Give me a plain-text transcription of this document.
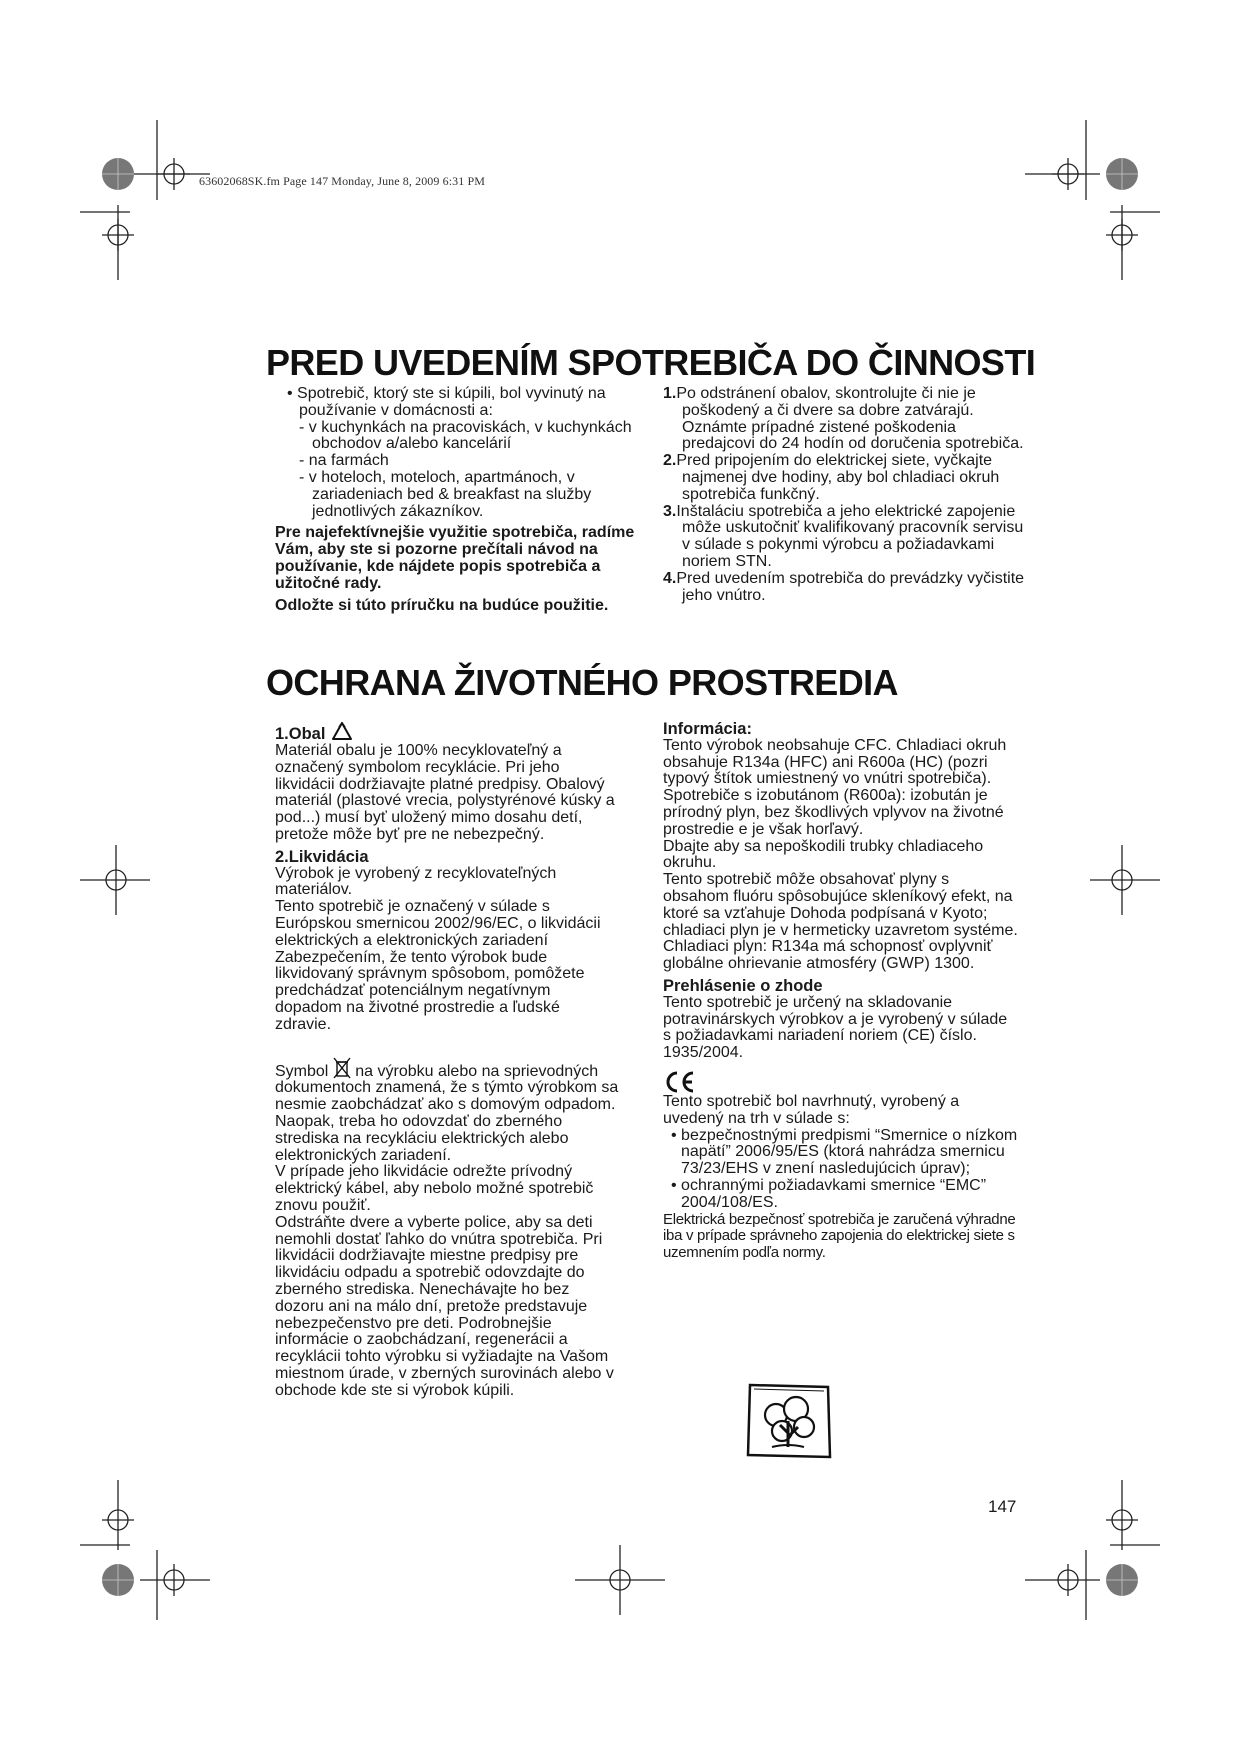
63602068SK.fm Page 147 Monday, June 8, 2009 6:31 PM
PRED UVEDENÍM SPOTREBIČA DO ČINNOSTI

• Spotrebič, ktorý ste si kúpili, bol vyvinutý na používanie v domácnosti a:

- v kuchynkách na pracoviskách, v kuchynkách obchodov a/alebo kancelárií

- na farmách

- v hoteloch, moteloch, apartmánoch, v zariadeniach bed & breakfast na služby jednotlivých zákazníkov.

Pre najefektívnejšie využitie spotrebiča, radíme Vám, aby ste si pozorne prečítali návod na používanie, kde nájdete popis spotrebiča a užitočné rady.

Odložte si túto príručku na budúce použitie.

1.Po odstránení obalov, skontrolujte či nie je poškodený a či dvere sa dobre zatvárajú. Oznámte prípadné zistené poškodenia predajcovi do 24 hodín od doručenia spotrebiča.

2.Pred pripojením do elektrickej siete, vyčkajte najmenej dve hodiny, aby bol chladiaci okruh spotrebiča funkčný.

3.Inštaláciu spotrebiča a jeho elektrické zapojenie môže uskutočniť kvalifikovaný pracovník servisu v súlade s pokynmi výrobcu a požiadavkami noriem STN.

4.Pred uvedením spotrebiča do prevádzky vyčistite jeho vnútro.

OCHRANA ŽIVOTNÉHO PROSTREDIA

1.Obal

Materiál obalu je 100% necyklovateľný a označený symbolom recyklácie. Pri jeho likvidácii dodržiavajte platné predpisy. Obalový materiál (plastové vrecia, polystyrénové kúsky a pod...) musí byť uložený mimo dosahu detí, pretože môže byť pre ne nebezpečný.

2.Likvidácia

Výrobok je vyrobený z recyklovateľných materiálov.

Tento spotrebič je označený v súlade s Európskou smernicou 2002/96/EC, o likvidácii elektrických a elektronických zariadení Zabezpečením, že tento výrobok bude likvidovaný správnym spôsobom, pomôžete predchádzať potenciálnym negatívnym dopadom na životné prostredie a ľudské zdravie.

Symbol na výrobku alebo na sprievodných dokumentoch znamená, že s týmto výrobkom sa nesmie zaobchádzať ako s domovým odpadom.

Naopak, treba ho odovzdať do zberného strediska na recykláciu elektrických alebo elektronických zariadení.

V prípade jeho likvidácie odrežte prívodný elektrický kábel, aby nebolo možné spotrebič znovu použiť.

Odstráňte dvere a vyberte police, aby sa deti nemohli dostať ľahko do vnútra spotrebiča. Pri likvidácii dodržiavajte miestne predpisy pre likvidáciu odpadu a spotrebič odovzdajte do zberného strediska. Nenechávajte ho bez dozoru ani na málo dní, pretože predstavuje nebezpečenstvo pre deti. Podrobnejšie informácie o zaobchádzaní, regenerácii a recyklácii tohto výrobku si vyžiadajte na Vašom miestnom úrade, v zberných surovinách alebo v obchode kde ste si výrobok kúpili.

Informácia:

Tento výrobok neobsahuje CFC. Chladiaci okruh obsahuje R134a (HFC) ani R600a (HC) (pozri typový štítok umiestnený vo vnútri spotrebiča).

Spotrebiče s izobutánom (R600a): izobután je prírodný plyn, bez škodlivých vplyvov na životné prostredie e je však horľavý.

Dbajte aby sa nepoškodili trubky chladiaceho okruhu.

Tento spotrebič môže obsahovať plyny s obsahom fluóru spôsobujúce skleníkový efekt, na ktoré sa vzťahuje Dohoda podpísaná v Kyoto; chladiaci plyn je v hermeticky uzavretom systéme.

Chladiaci plyn: R134a má schopnosť ovplyvniť globálne ohrievanie atmosféry (GWP) 1300.

Prehlásenie o zhode

Tento spotrebič je určený na skladovanie potravinárskych výrobkov a je vyrobený v súlade s požiadavkami nariadení noriem (CE) číslo. 1935/2004.

Tento spotrebič bol navrhnutý, vyrobený a uvedený na trh v súlade s:

• bezpečnostnými predpismi “Smernice o nízkom napätí” 2006/95/ES (ktorá nahrádza smernicu 73/23/EHS v znení nasledujúcich úprav);

• ochrannými požiadavkami smernice “EMC” 2004/108/ES.

Elektrická bezpečnosť spotrebiča je zaručená výhradne iba v prípade správneho zapojenia do elektrickej siete s uzemnením podľa normy.

147
